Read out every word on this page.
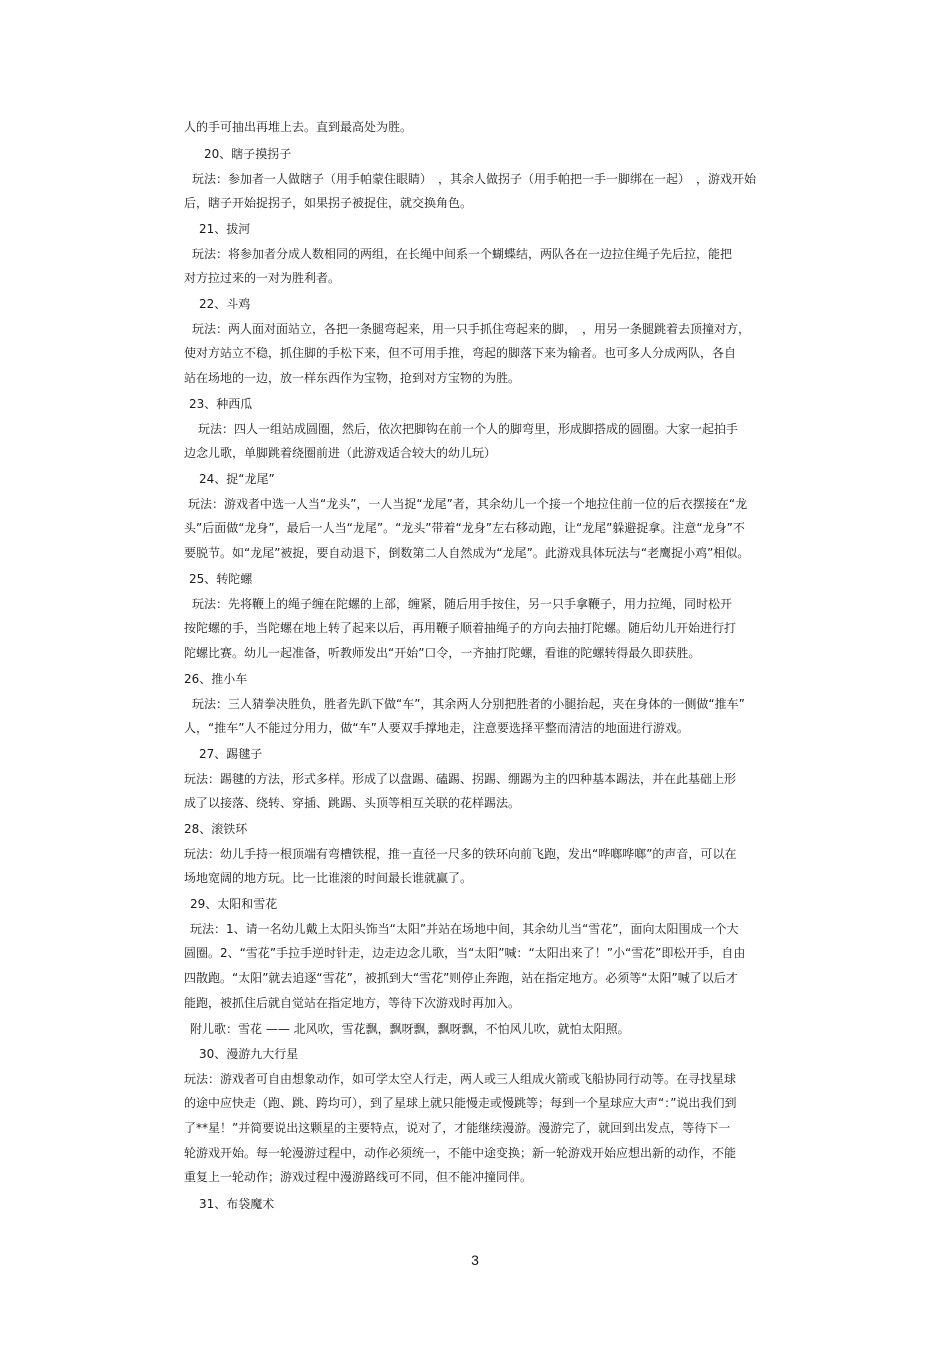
人的手可抽出再堆上去。直到最高处为胜。
20、瞎子摸拐子
玩法：参加者一人做瞎子（用手帕蒙住眼睛）　，其余人做拐子（用手帕把一手一脚绑在一起）　，游戏开始
后，瞎子开始捉拐子，如果拐子被捉住，就交换角色。
21、拔河
玩法：将参加者分成人数相同的两组，在长绳中间系一个蝴蝶结，两队各在一边拉住绳子先后拉，能把
对方拉过来的一对为胜利者。
22、斗鸡
玩法：两人面对面站立，各把一条腿弯起来，用一只手抓住弯起来的脚，　，用另一条腿跳着去顶撞对方，
使对方站立不稳，抓住脚的手松下来，但不可用手推，弯起的脚落下来为输者。也可多人分成两队，各自
站在场地的一边，放一样东西作为宝物，抢到对方宝物的为胜。
23、种西瓜
玩法：四人一组站成圆圈，然后，依次把脚钩在前一个人的脚弯里，形成脚搭成的圆圈。大家一起拍手
边念儿歌，单脚跳着绕圈前进（此游戏适合较大的幼儿玩）
24、捉“龙尾”
玩法：游戏者中选一人当“龙头”，一人当捉“龙尾”者，其余幼儿一个接一个地拉住前一位的后衣摆接在“龙
头”后面做“龙身”，最后一人当“龙尾”。“龙头”带着“龙身”左右移动跑，让“龙尾”躲避捉拿。注意“龙身”不
要脱节。如“龙尾”被捉，要自动退下，倒数第二人自然成为“龙尾”。此游戏具体玩法与“老鹰捉小鸡”相似。
25、转陀螺
玩法：先将鞭上的绳子缠在陀螺的上部，缠紧，随后用手按住，另一只手拿鞭子，用力拉绳，同时松开
按陀螺的手，当陀螺在地上转了起来以后，再用鞭子顺着抽绳子的方向去抽打陀螺。随后幼儿开始进行打
陀螺比赛。幼儿一起准备，听教师发出“开始”口令，一齐抽打陀螺，看谁的陀螺转得最久即获胜。
26、推小车
玩法：三人猜拳决胜负，胜者先趴下做“车”，其余两人分别把胜者的小腿抬起，夹在身体的一侧做“推车”
人，“推车”人不能过分用力，做“车”人要双手撑地走，注意要选择平整而清洁的地面进行游戏。
27、踢毽子
玩法：踢毽的方法，形式多样。形成了以盘踢、磕踢、拐踢、绷踢为主的四种基本踢法，并在此基础上形
成了以接落、绕转、穿插、跳踢、头顶等相互关联的花样踢法。
28、滚铁环
玩法：幼儿手持一根顶端有弯槽铁棍，推一直径一尺多的铁环向前飞跑，发出“哗啷哗啷”的声音，可以在
场地宽阔的地方玩。比一比谁滚的时间最长谁就赢了。
29、太阳和雪花
玩法：1、请一名幼儿戴上太阳头饰当“太阳”并站在场地中间，其余幼儿当“雪花”，面向太阳围成一个大
圆圈。2、“雪花”手拉手逆时针走，边走边念儿歌，当“太阳”喊：“太阳出来了！”小“雪花”即松开手，自由
四散跑。“太阳”就去追逐“雪花”，被抓到大“雪花”则停止奔跑，站在指定地方。必须等“太阳”喊了以后才
能跑，被抓住后就自觉站在指定地方，等待下次游戏时再加入。
附儿歌：雪花 —— 北风吹，雪花飘，飘呀飘，飘呀飘，不怕风儿吹，就怕太阳照。
30、漫游九大行星
玩法：游戏者可自由想象动作，如可学太空人行走，两人或三人组成火箭或飞船协同行动等。在寻找星球
的途中应快走（跑、跳、跨均可），到了星球上就只能慢走或慢跳等；每到一个星球应大声“：”说出我们到
了**星！”并简要说出这颗星的主要特点，说对了，才能继续漫游。漫游完了，就回到出发点，等待下一
轮游戏开始。每一轮漫游过程中，动作必须统一，不能中途变换；新一轮游戏开始应想出新的动作，不能
重复上一轮动作；游戏过程中漫游路线可不同，但不能冲撞同伴。
31、布袋魔术
3
